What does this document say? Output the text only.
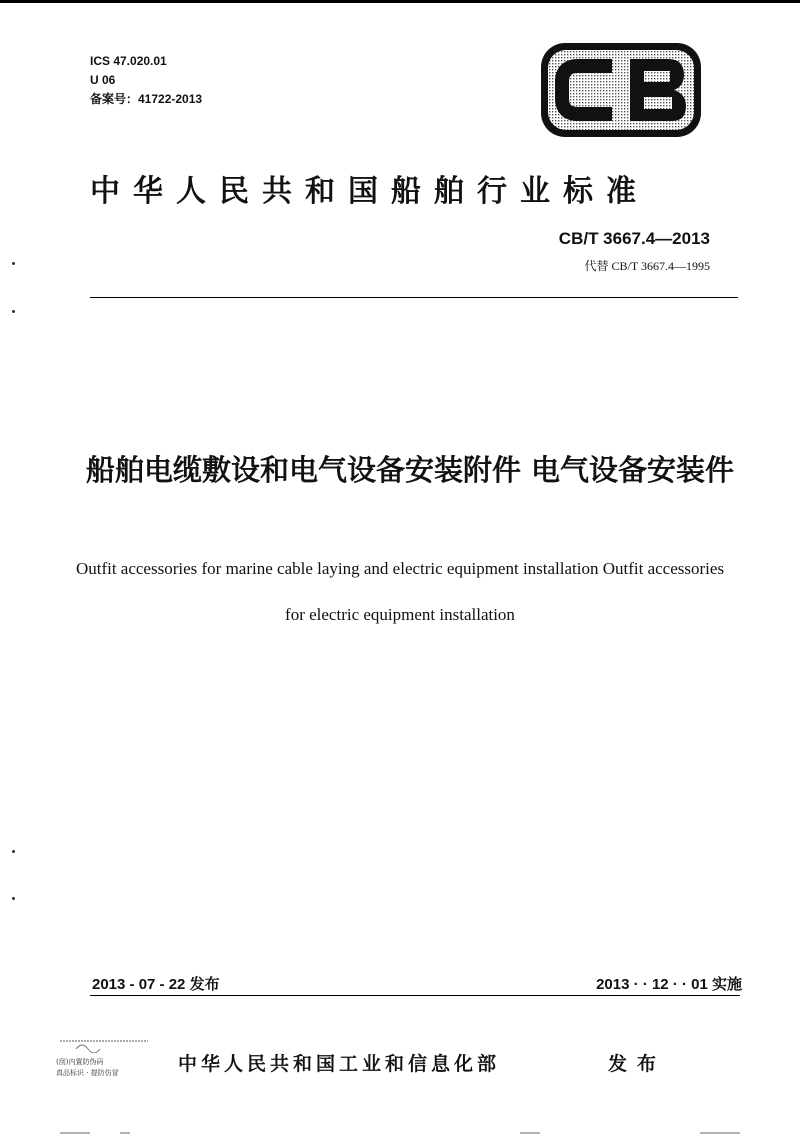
ICS 47.020.01
U 06
备案号：41722-2013
中华人民共和国船舶行业标准
CB/T 3667.4—2013
代替 CB/T 3667.4—1995
船舶电缆敷设和电气设备安装附件 电气设备安装件
Outfit accessories for marine cable laying and electric equipment installation Outfit accessories for electric equipment installation
2013 - 07 - 22 发布	2013 · · 12 · · 01 实施
(刮)内置防伪码
真品标识 · 提防仿冒	中华人民共和国工业和信息化部	发布
